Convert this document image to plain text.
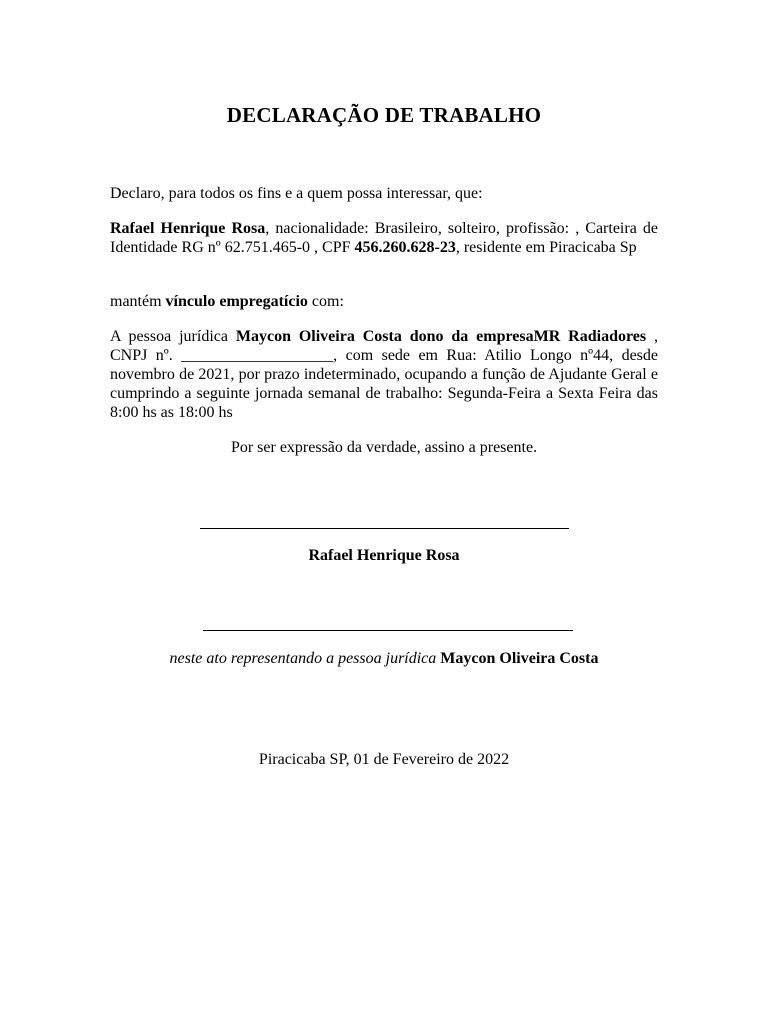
DECLARAÇÃO DE TRABALHO
Declaro, para todos os fins e a quem possa interessar, que:
Rafael Henrique Rosa, nacionalidade: Brasileiro, solteiro, profissão: , Carteira de Identidade RG nº 62.751.465-0 , CPF 456.260.628-23, residente em Piracicaba Sp
mantém vínculo empregatício com:
A pessoa jurídica Maycon Oliveira Costa dono da empresaMR Radiadores , CNPJ nº. ___________________, com sede em Rua: Atilio Longo nº44, desde novembro de 2021, por prazo indeterminado, ocupando a função de Ajudante Geral e cumprindo a seguinte jornada semanal de trabalho: Segunda-Feira a Sexta Feira das 8:00 hs as 18:00 hs
Por ser expressão da verdade, assino a presente.
Rafael Henrique Rosa
neste ato representando a pessoa jurídica Maycon Oliveira Costa
Piracicaba SP, 01 de Fevereiro de 2022
